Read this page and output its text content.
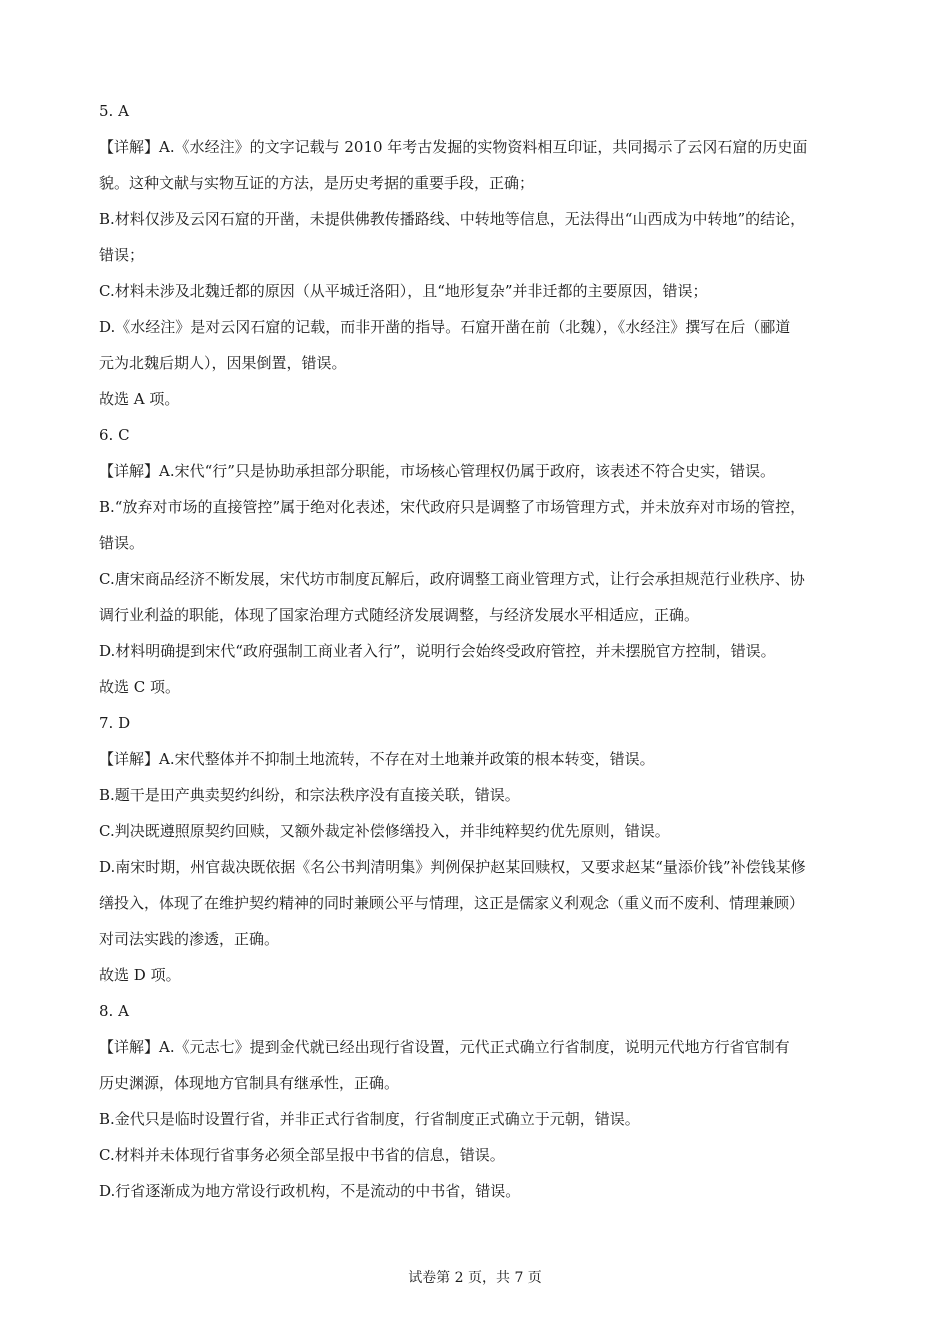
5. A
【详解】A.《水经注》的文字记载与 2010 年考古发掘的实物资料相互印证，共同揭示了云冈石窟的历史面
貌。这种文献与实物互证的方法，是历史考据的重要手段，正确；
B.材料仅涉及云冈石窟的开凿，未提供佛教传播路线、中转地等信息，无法得出“山西成为中转地”的结论，
错误；
C.材料未涉及北魏迁都的原因（从平城迁洛阳），且“地形复杂”并非迁都的主要原因，错误；
D.《水经注》是对云冈石窟的记载，而非开凿的指导。石窟开凿在前（北魏），《水经注》撰写在后（郦道
元为北魏后期人），因果倒置，错误。
故选 A 项。
6. C
【详解】A.宋代“行”只是协助承担部分职能，市场核心管理权仍属于政府，该表述不符合史实，错误。
B.“放弃对市场的直接管控”属于绝对化表述，宋代政府只是调整了市场管理方式，并未放弃对市场的管控，
错误。
C.唐宋商品经济不断发展，宋代坊市制度瓦解后，政府调整工商业管理方式，让行会承担规范行业秩序、协
调行业利益的职能，体现了国家治理方式随经济发展调整，与经济发展水平相适应，正确。
D.材料明确提到宋代“政府强制工商业者入行”，说明行会始终受政府管控，并未摆脱官方控制，错误。
故选 C 项。
7. D
【详解】A.宋代整体并不抑制土地流转，不存在对土地兼并政策的根本转变，错误。
B.题干是田产典卖契约纠纷，和宗法秩序没有直接关联，错误。
C.判决既遵照原契约回赎，又额外裁定补偿修缮投入，并非纯粹契约优先原则，错误。
D.南宋时期，州官裁决既依据《名公书判清明集》判例保护赵某回赎权，又要求赵某“量添价钱”补偿钱某修
缮投入，体现了在维护契约精神的同时兼顾公平与情理，这正是儒家义利观念（重义而不废利、情理兼顾）
对司法实践的渗透，正确。
故选 D 项。
8. A
【详解】A.《元志七》提到金代就已经出现行省设置，元代正式确立行省制度，说明元代地方行省官制有
历史渊源，体现地方官制具有继承性，正确。
B.金代只是临时设置行省，并非正式行省制度，行省制度正式确立于元朝，错误。
C.材料并未体现行省事务必须全部呈报中书省的信息，错误。
D.行省逐渐成为地方常设行政机构，不是流动的中书省，错误。
试卷第 2 页，共 7 页
